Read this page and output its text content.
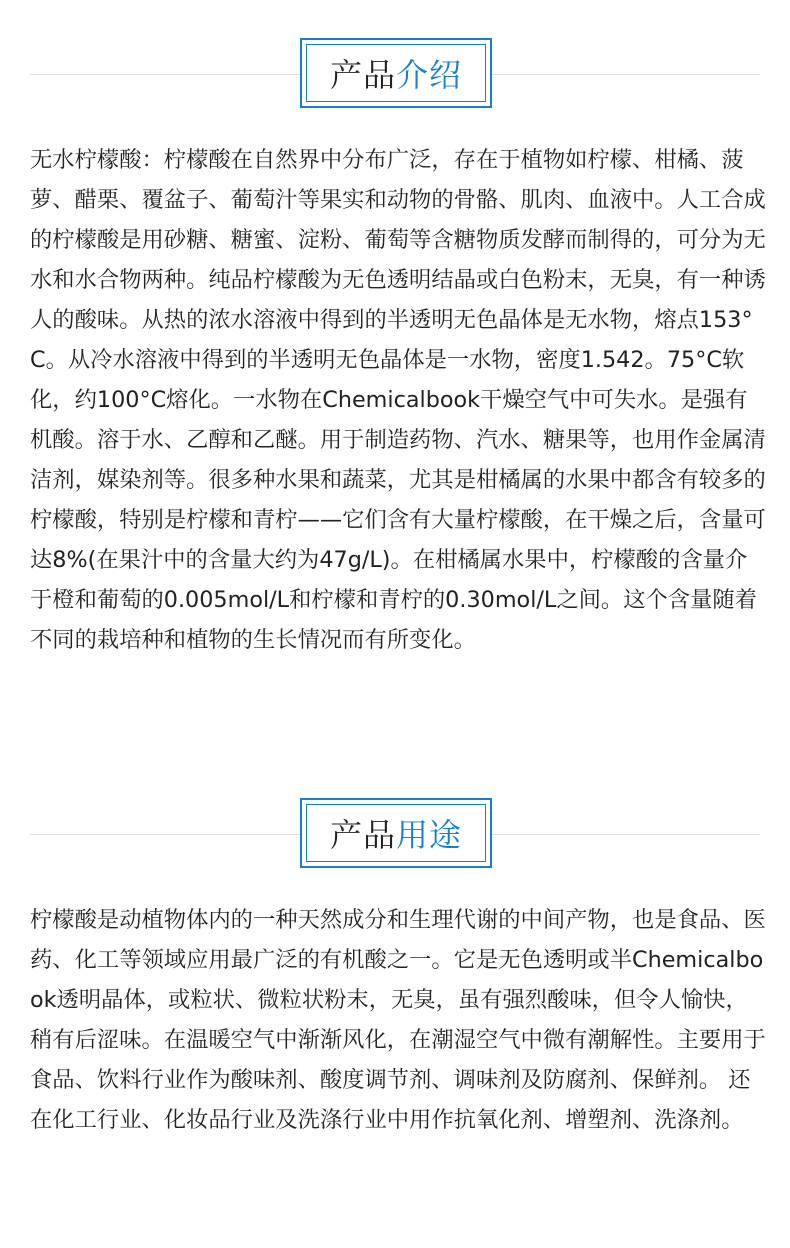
产品 介绍

无水柠檬酸：柠檬酸在自然界中分布广泛，存在于植物如柠檬、柑橘、菠萝、醋栗、覆盆子、葡萄汁等果实和动物的骨骼、肌肉、血液中。人工合成的柠檬酸是用砂糖、糖蜜、淀粉、葡萄等含糖物质发酵而制得的，可分为无水和水合物两种。纯品柠檬酸为无色透明结晶或白色粉末，无臭，有一种诱人的酸味。从热的浓水溶液中得到的半透明无色晶体是无水物，熔点153°C。从冷水溶液中得到的半透明无色晶体是一水物，密度1.542。75°C软化，约100°C熔化。一水物在Chemicalbook干燥空气中可失水。是强有机酸。溶于水、乙醇和乙醚。用于制造药物、汽水、糖果等，也用作金属清洁剂，媒染剂等。很多种水果和蔬菜，尤其是柑橘属的水果中都含有较多的柠檬酸，特别是柠檬和青柠——它们含有大量柠檬酸，在干燥之后，含量可达8%(在果汁中的含量大约为47g/L)。在柑橘属水果中，柠檬酸的含量介于橙和葡萄的0.005mol/L和柠檬和青柠的0.30mol/L之间。这个含量随着不同的栽培种和植物的生长情况而有所变化。

产品 用途

柠檬酸是动植物体内的一种天然成分和生理代谢的中间产物，也是食品、医药、化工等领域应用最广泛的有机酸之一。它是无色透明或半Chemicalbook透明晶体，或粒状、微粒状粉末，无臭，虽有强烈酸味，但令人愉快，稍有后涩味。在温暖空气中渐渐风化，在潮湿空气中微有潮解性。主要用于食品、饮料行业作为酸味剂、酸度调节剂、调味剂及防腐剂、保鲜剂。 还在化工行业、化妆品行业及洗涤行业中用作抗氧化剂、增塑剂、洗涤剂。
